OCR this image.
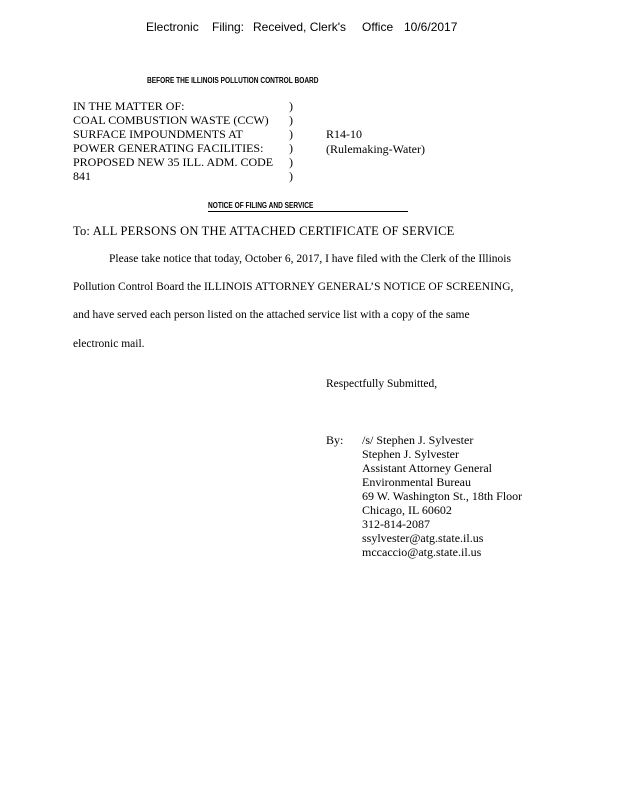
Electronic Filing: Received, Clerk's Office 10/6/2017
BEFORE THE ILLINOIS POLLUTION CONTROL BOARD
IN THE MATTER OF:
COAL COMBUSTION WASTE (CCW)
SURFACE IMPOUNDMENTS AT
POWER GENERATING FACILITIES:
PROPOSED NEW 35 ILL. ADM. CODE
841
)
)
)
)
)
)
R14-10
(Rulemaking-Water)
NOTICE OF FILING AND SERVICE
To: ALL PERSONS ON THE ATTACHED CERTIFICATE OF SERVICE
Please take notice that today, October 6, 2017, I have filed with the Clerk of the Illinois
Pollution Control Board the ILLINOIS ATTORNEY GENERAL’S NOTICE OF SCREENING,
and have served each person listed on the attached service list with a copy of the same
electronic mail.
Respectfully Submitted,
By: /s/ Stephen J. Sylvester
Stephen J. Sylvester
Assistant Attorney General
Environmental Bureau
69 W. Washington St., 18th Floor
Chicago, IL 60602
312-814-2087
ssylvester@atg.state.il.us
mccaccio@atg.state.il.us
